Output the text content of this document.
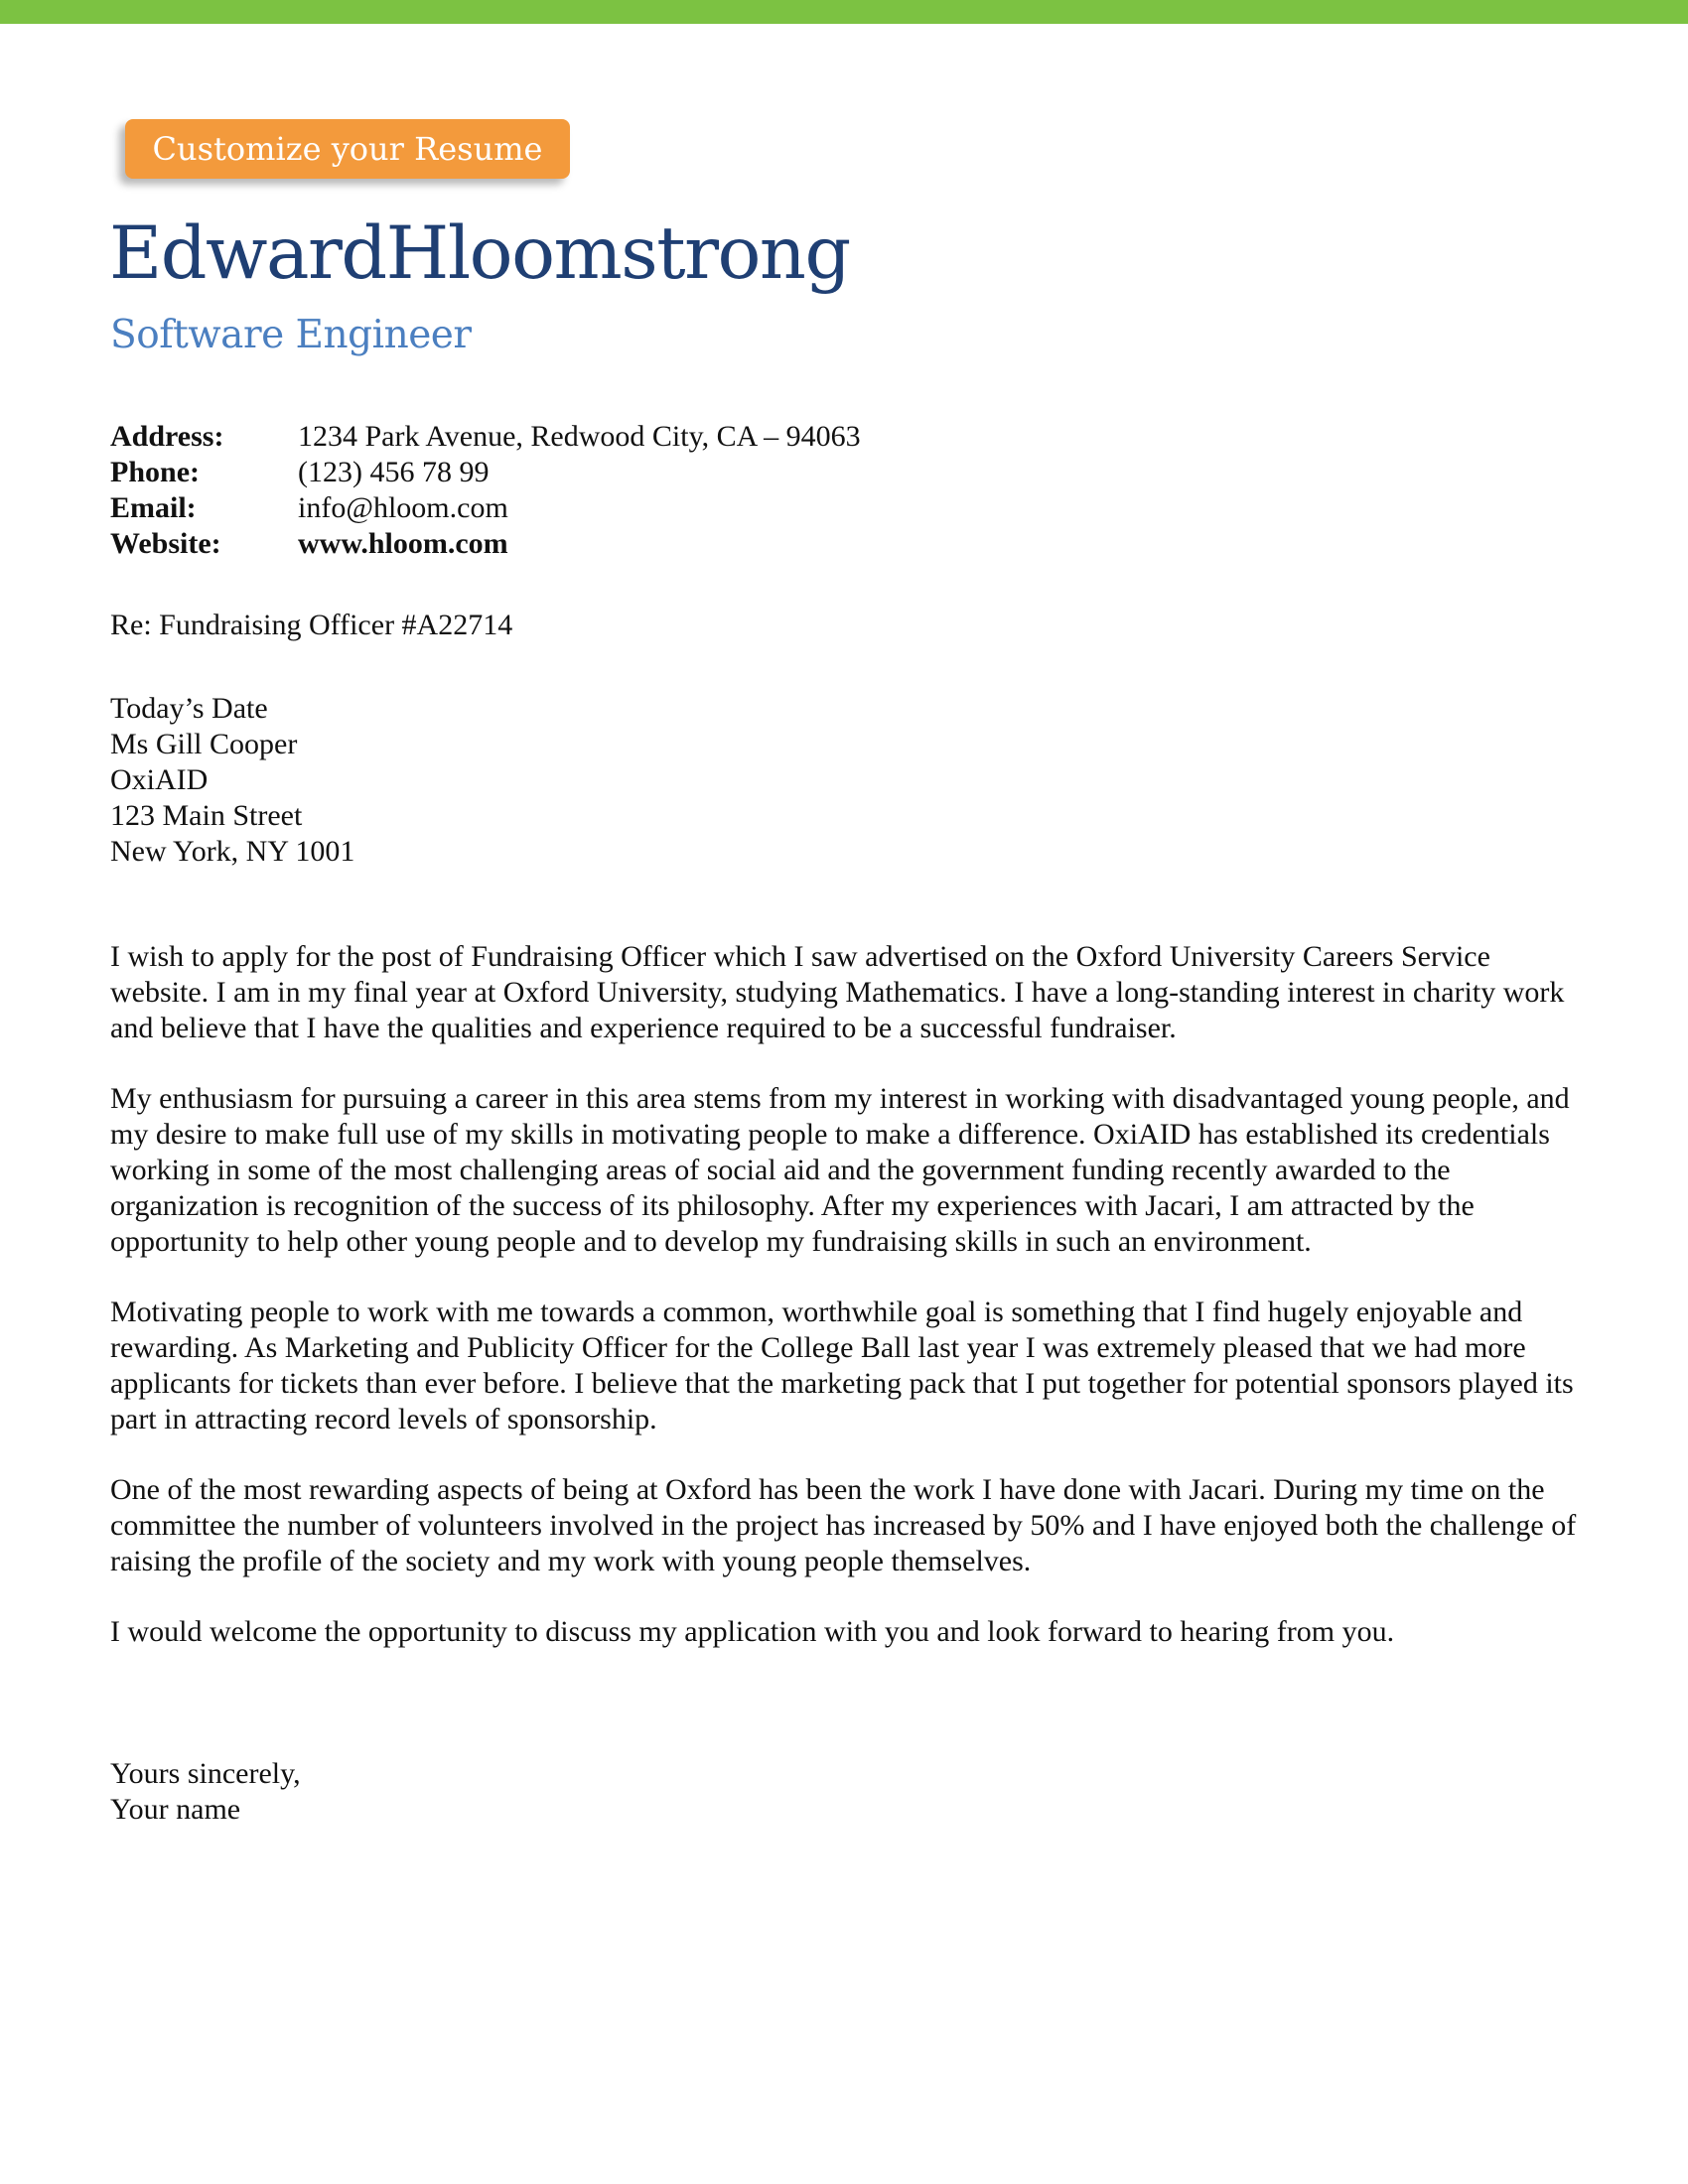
Customize your Resume
EdwardHloomstrong
Software Engineer
Address:	1234 Park Avenue, Redwood City, CA – 94063
Phone:	(123) 456 78 99
Email:	info@hloom.com
Website:	www.hloom.com
Re: Fundraising Officer #A22714
Today’s Date
Ms Gill Cooper
OxiAID
123 Main Street
New York, NY 1001

I wish to apply for the post of Fundraising Officer which I saw advertised on the Oxford University Careers Service website. I am in my final year at Oxford University, studying Mathematics. I have a long-standing interest in charity work and believe that I have the qualities and experience required to be a successful fundraiser.

My enthusiasm for pursuing a career in this area stems from my interest in working with disadvantaged young people, and my desire to make full use of my skills in motivating people to make a difference. OxiAID has established its credentials working in some of the most challenging areas of social aid and the government funding recently awarded to the organization is recognition of the success of its philosophy. After my experiences with Jacari, I am attracted by the opportunity to help other young people and to develop my fundraising skills in such an environment.

Motivating people to work with me towards a common, worthwhile goal is something that I find hugely enjoyable and rewarding. As Marketing and Publicity Officer for the College Ball last year I was extremely pleased that we had more applicants for tickets than ever before. I believe that the marketing pack that I put together for potential sponsors played its part in attracting record levels of sponsorship.

One of the most rewarding aspects of being at Oxford has been the work I have done with Jacari. During my time on the committee the number of volunteers involved in the project has increased by 50% and I have enjoyed both the challenge of raising the profile of the society and my work with young people themselves.

I would welcome the opportunity to discuss my application with you and look forward to hearing from you.

Yours sincerely,
Your name
